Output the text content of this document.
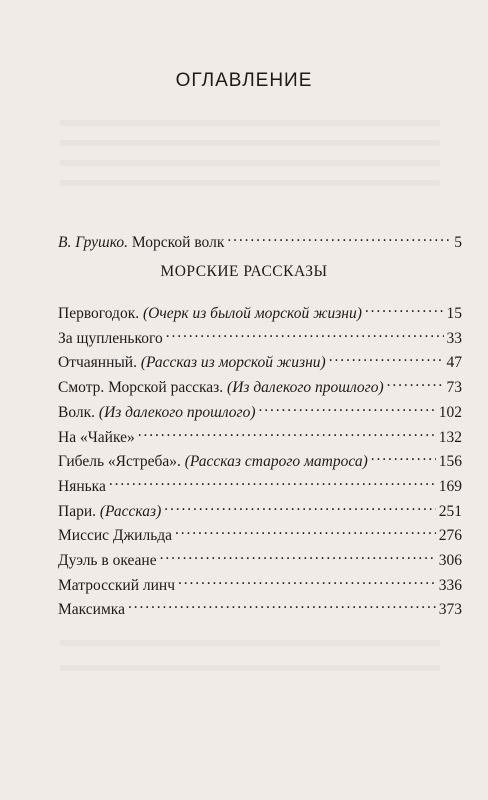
ОГЛАВЛЕНИЕ
В. Грушко. Морской волк . . .	5
МОРСКИЕ РАССКАЗЫ
Первогодок. (Очерк из былой морской жизни) . . .	15
За щупленького . . .	33
Отчаянный. (Рассказ из морской жизни) . . .	47
Смотр. Морской рассказ. (Из далекого прошлого) . . .	73
Волк. (Из далекого прошлого) . . .	102
На «Чайке» . . .	132
Гибель «Ястреба». (Рассказ старого матроса) . . .	156
Нянька . . .	169
Пари. (Рассказ) . . .	251
Миссис Джильда . . .	276
Дуэль в океане . . .	306
Матросский линч . . .	336
Максимка . . .	373
